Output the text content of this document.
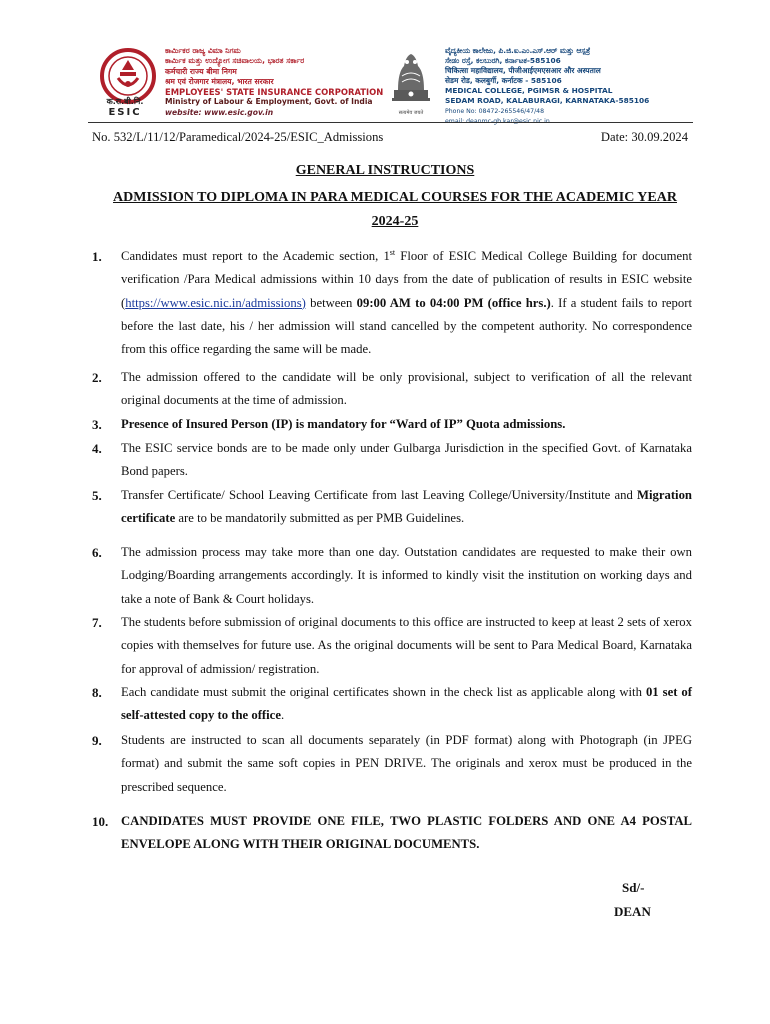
क.रा.बी.नि.
ESIC
ಕಾರ್ಮಿಕರ ರಾಜ್ಯ ವಿಮಾ ನಿಗಮ
ಕಾರ್ಮಿಕ ಮತ್ತು ಉದ್ಯೋಗ ಸಚಿವಾಲಯ, ಭಾರತ ಸರ್ಕಾರ
कर्मचारी राज्य बीमा निगम
श्रम एवं रोजगार मंत्रालय, भारत सरकार
EMPLOYEES' STATE INSURANCE CORPORATION
Ministry of Labour & Employment, Govt. of India
website: www.esic.gov.in	सत्यमेव जयते
ವೈದ್ಯಕೀಯ ಕಾಲೇಜು, ಪಿ.ಜಿ.ಐ.ಎಂ.ಎಸ್.ಆರ್ ಮತ್ತು ಆಸ್ಪತ್ರೆ
ಸೇಡಂ ರಸ್ತೆ, ಕಲಬುರಗಿ, ಕರ್ನಾಟಕ-585106
चिकित्सा महाविद्यालय, पीजीआईएमएसआर और अस्पताल
सेडम रोड, कलबुर्गी, कर्नाटक - 585106
MEDICAL COLLEGE, PGIMSR & HOSPITAL
SEDAM ROAD, KALABURAGI, KARNATAKA-585106
Phone No: 08472-265546/47/48
email: deanmc-gb.kar@esic.nic.in
No. 532/L/11/12/Paramedical/2024-25/ESIC_Admissions	Date: 30.09.2024
GENERAL INSTRUCTIONS
ADMISSION TO DIPLOMA IN PARA MEDICAL COURSES FOR THE ACADEMIC YEAR 2024-25
1. Candidates must report to the Academic section, 1st Floor of ESIC Medical College Building for document verification /Para Medical admissions within 10 days from the date of publication of results in ESIC website (https://www.esic.nic.in/admissions) between 09:00 AM to 04:00 PM (office hrs.). If a student fails to report before the last date, his / her admission will stand cancelled by the competent authority. No correspondence from this office regarding the same will be made.
2. The admission offered to the candidate will be only provisional, subject to verification of all the relevant original documents at the time of admission.
3. Presence of Insured Person (IP) is mandatory for “Ward of IP” Quota admissions.
4. The ESIC service bonds are to be made only under Gulbarga Jurisdiction in the specified Govt. of Karnataka Bond papers.
5. Transfer Certificate/ School Leaving Certificate from last Leaving College/University/Institute and Migration certificate are to be mandatorily submitted as per PMB Guidelines.
6. The admission process may take more than one day. Outstation candidates are requested to make their own Lodging/Boarding arrangements accordingly. It is informed to kindly visit the institution on working days and take a note of Bank & Court holidays.
7. The students before submission of original documents to this office are instructed to keep at least 2 sets of xerox copies with themselves for future use. As the original documents will be sent to Para Medical Board, Karnataka for approval of admission/ registration.
8. Each candidate must submit the original certificates shown in the check list as applicable along with 01 set of self-attested copy to the office.
9. Students are instructed to scan all documents separately (in PDF format) along with Photograph (in JPEG format) and submit the same soft copies in PEN DRIVE. The originals and xerox must be produced in the prescribed sequence.
10. CANDIDATES MUST PROVIDE ONE FILE, TWO PLASTIC FOLDERS AND ONE A4 POSTAL ENVELOPE ALONG WITH THEIR ORIGINAL DOCUMENTS.
Sd/-
DEAN
